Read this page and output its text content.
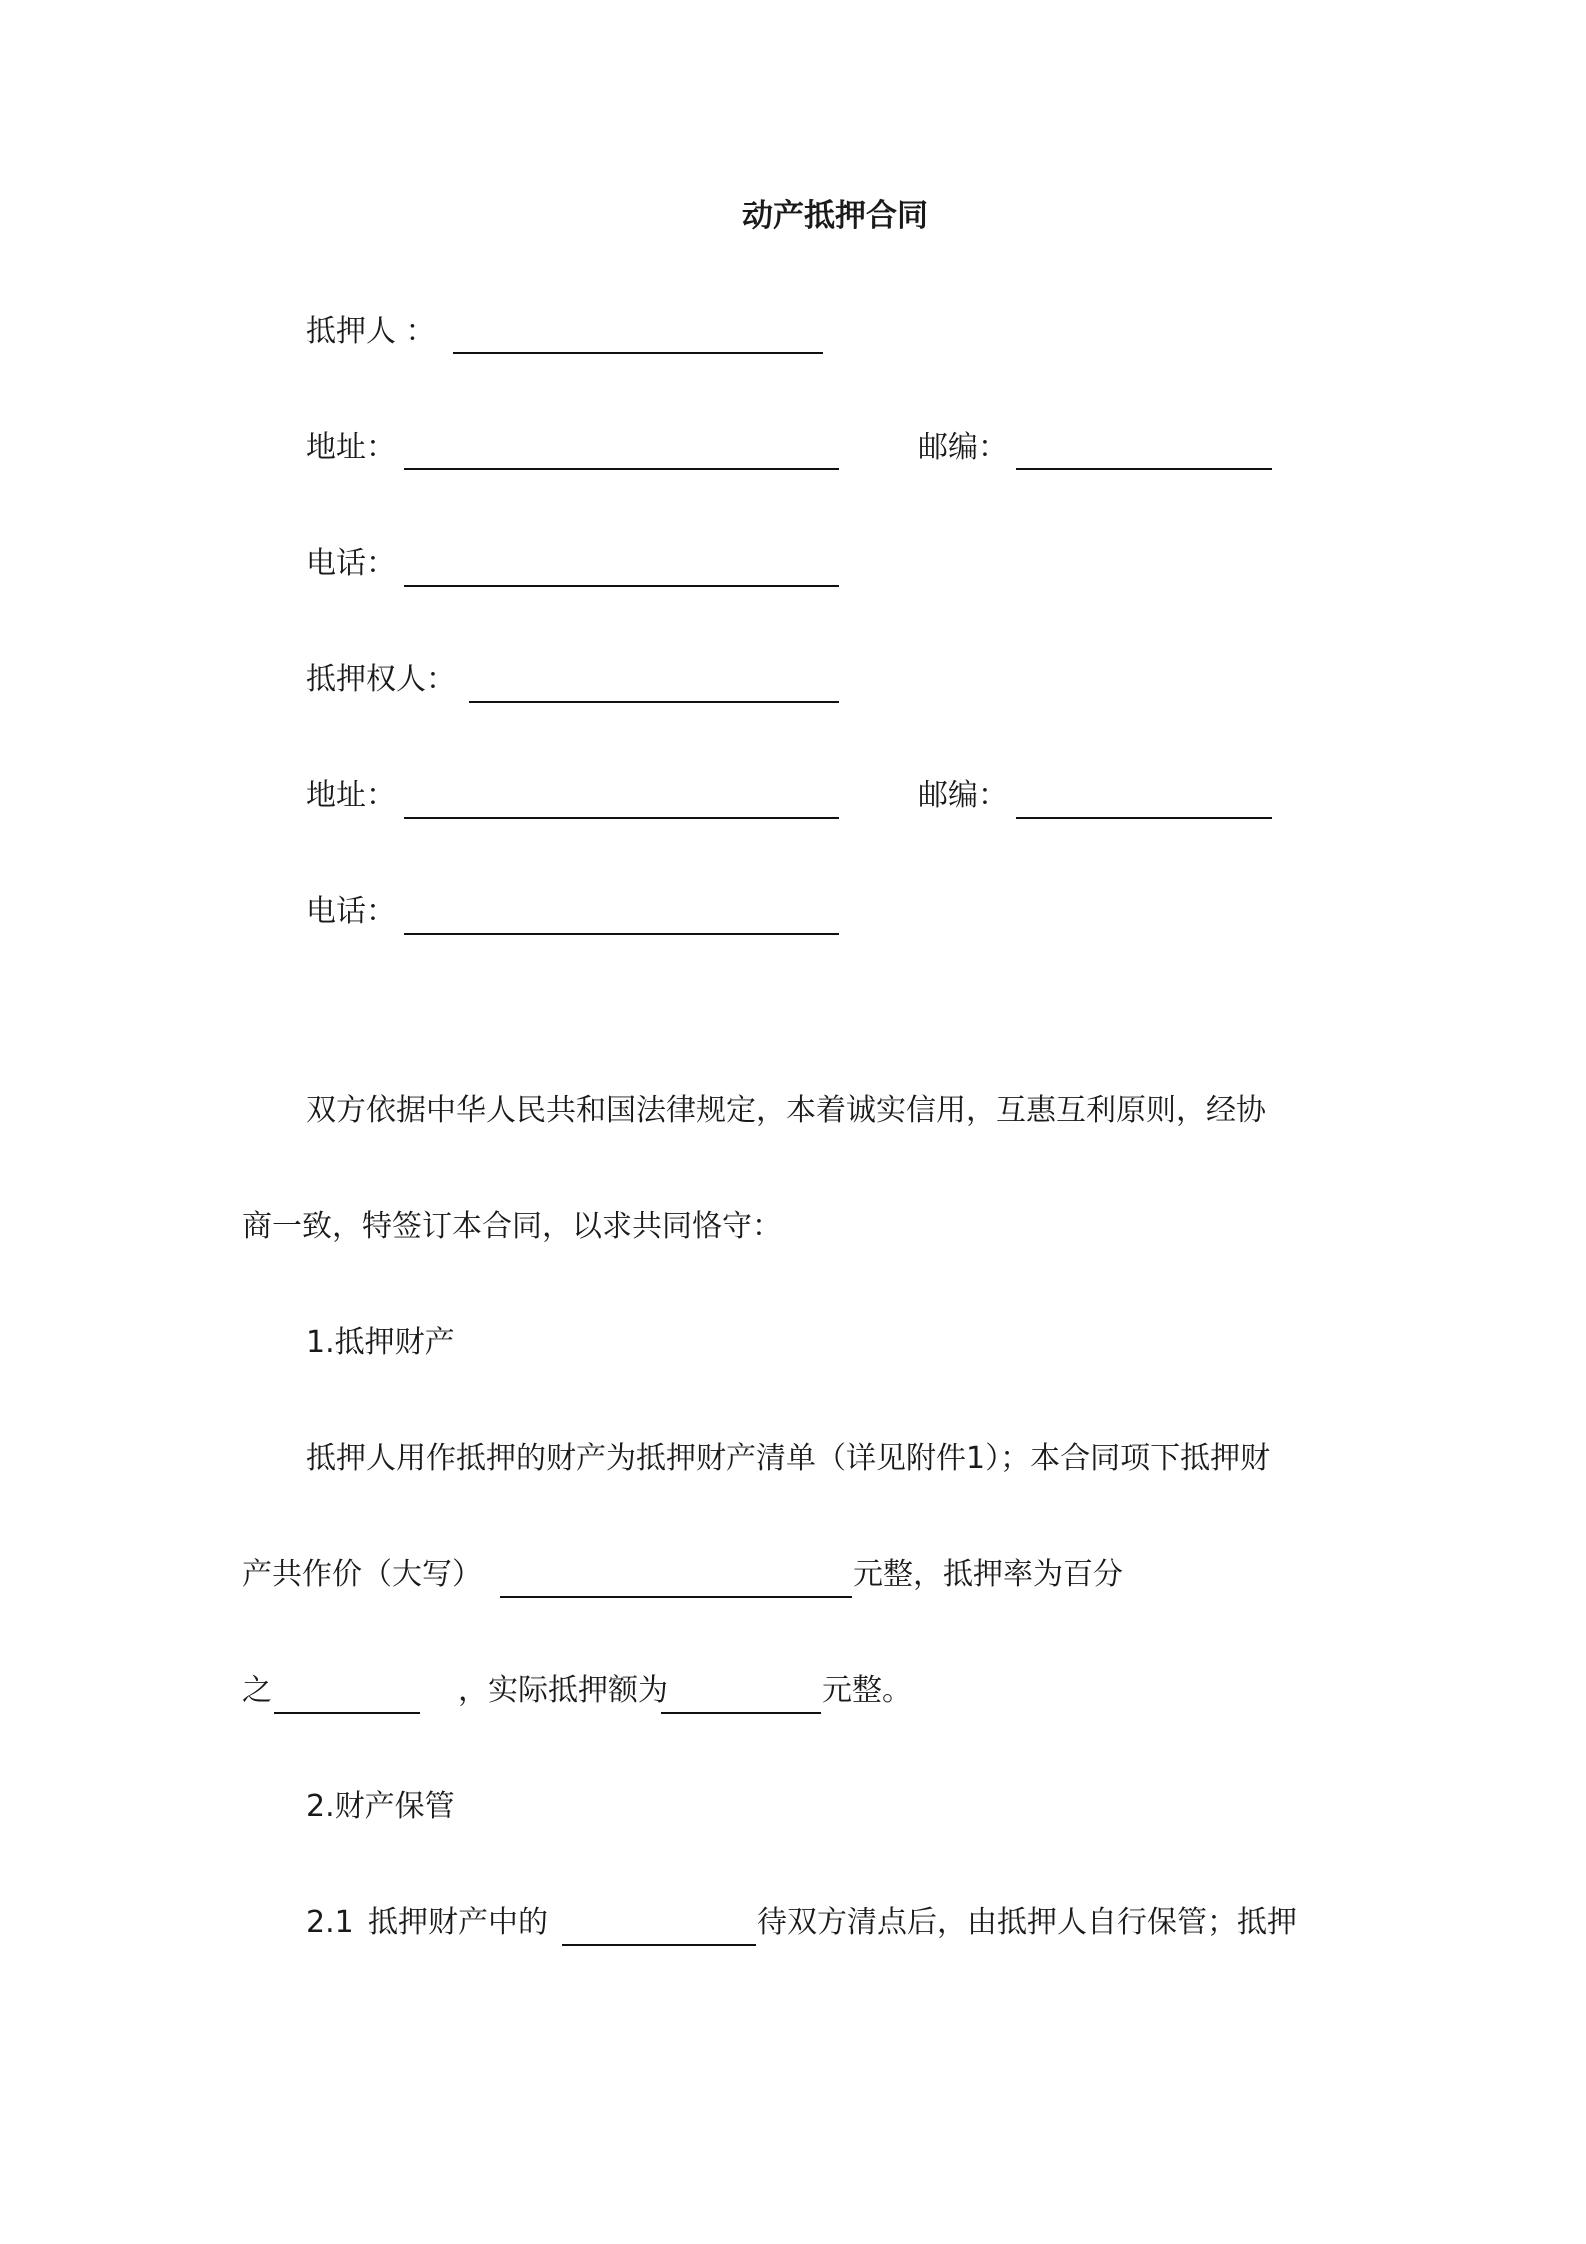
动产抵押合同
抵押人 ：
地址：	邮编：
电话：
抵押权人：
地址：	邮编：
电话：
双方依据中华人民共和国法律规定，本着诚实信用，互惠互利原则，经协
商一致，特签订本合同，以求共同恪守：
1.抵押财产
抵押人用作抵押的财产为抵押财产清单（详见附件1）；本合同项下抵押财
产共作价（大写）	元整，抵押率为百分
之	，实际抵押额为	元整。
2.财产保管
2.1 抵押财产中的	待双方清点后，由抵押人自行保管；抵押
